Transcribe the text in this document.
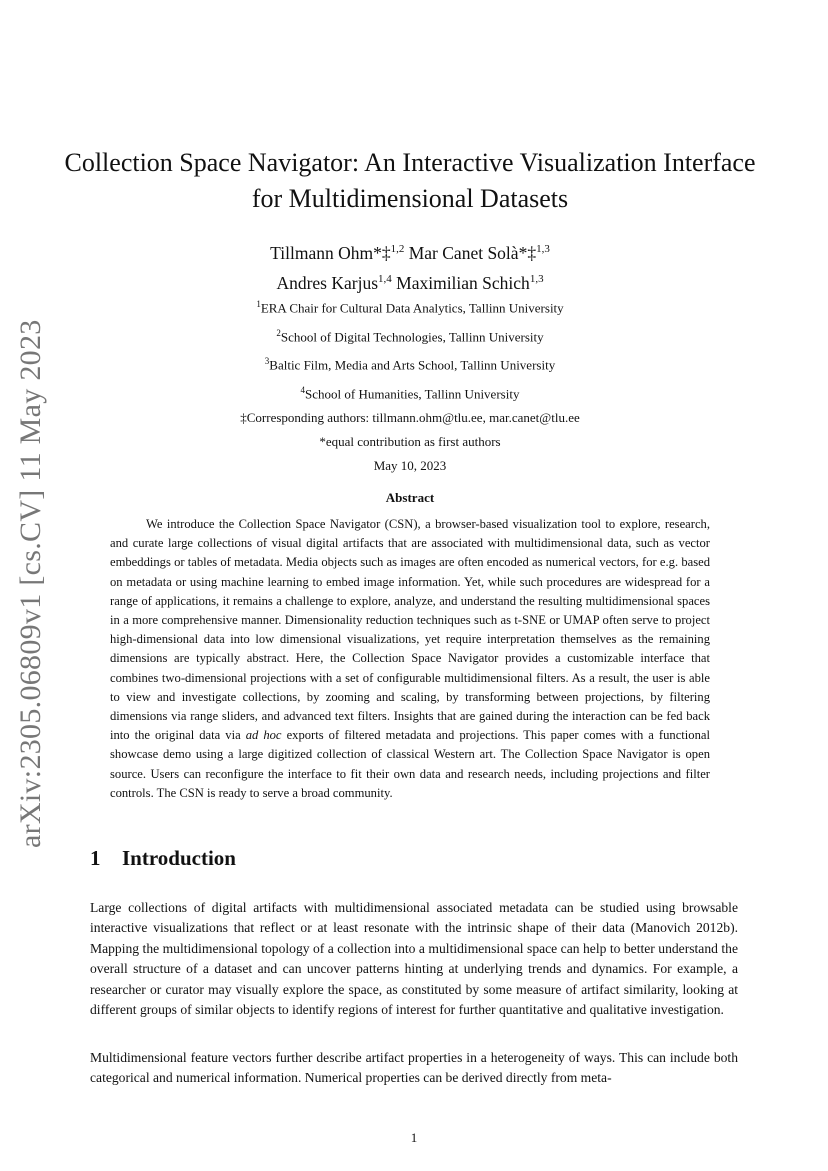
arXiv:2305.06809v1 [cs.CV] 11 May 2023
Collection Space Navigator: An Interactive Visualization Interface for Multidimensional Datasets
Tillmann Ohm*‡$^{1,2}$ Mar Canet Solà*‡$^{1,3}$
Andres Karjus$^{1,4}$ Maximilian Schich$^{1,3}$
$^1$ERA Chair for Cultural Data Analytics, Tallinn University
$^2$School of Digital Technologies, Tallinn University
$^3$Baltic Film, Media and Arts School, Tallinn University
$^4$School of Humanities, Tallinn University
‡Corresponding authors: tillmann.ohm@tlu.ee, mar.canet@tlu.ee
*equal contribution as first authors
May 10, 2023
Abstract

We introduce the Collection Space Navigator (CSN), a browser-based visualization tool to explore, research, and curate large collections of visual digital artifacts that are associated with multidimensional data, such as vector embeddings or tables of metadata. Media objects such as images are often encoded as numerical vectors, for e.g. based on metadata or using machine learning to embed image information. Yet, while such procedures are widespread for a range of applications, it remains a challenge to explore, analyze, and understand the resulting multidimensional spaces in a more comprehensive manner. Dimensionality reduction techniques such as t-SNE or UMAP often serve to project high-dimensional data into low dimensional visualizations, yet require interpretation themselves as the remaining dimensions are typically abstract. Here, the Collection Space Navigator provides a customizable interface that combines two-dimensional projections with a set of configurable multidimensional filters. As a result, the user is able to view and investigate collections, by zooming and scaling, by transforming between projections, by filtering dimensions via range sliders, and advanced text filters. Insights that are gained during the interaction can be fed back into the original data via ad hoc exports of filtered metadata and projections. This paper comes with a functional showcase demo using a large digitized collection of classical Western art. The Collection Space Navigator is open source. Users can reconfigure the interface to fit their own data and research needs, including projections and filter controls. The CSN is ready to serve a broad community.

1 Introduction

Large collections of digital artifacts with multidimensional associated metadata can be studied using browsable interactive visualizations that reflect or at least resonate with the intrinsic shape of their data (Manovich 2012b). Mapping the multidimensional topology of a collection into a multidimensional space can help to better understand the overall structure of a dataset and can uncover patterns hinting at underlying trends and dynamics. For example, a researcher or curator may visually explore the space, as constituted by some measure of artifact similarity, looking at different groups of similar objects to identify regions of interest for further quantitative and qualitative investigation.

Multidimensional feature vectors further describe artifact properties in a heterogeneity of ways. This can include both categorical and numerical information. Numerical properties can be derived directly from meta-

1
